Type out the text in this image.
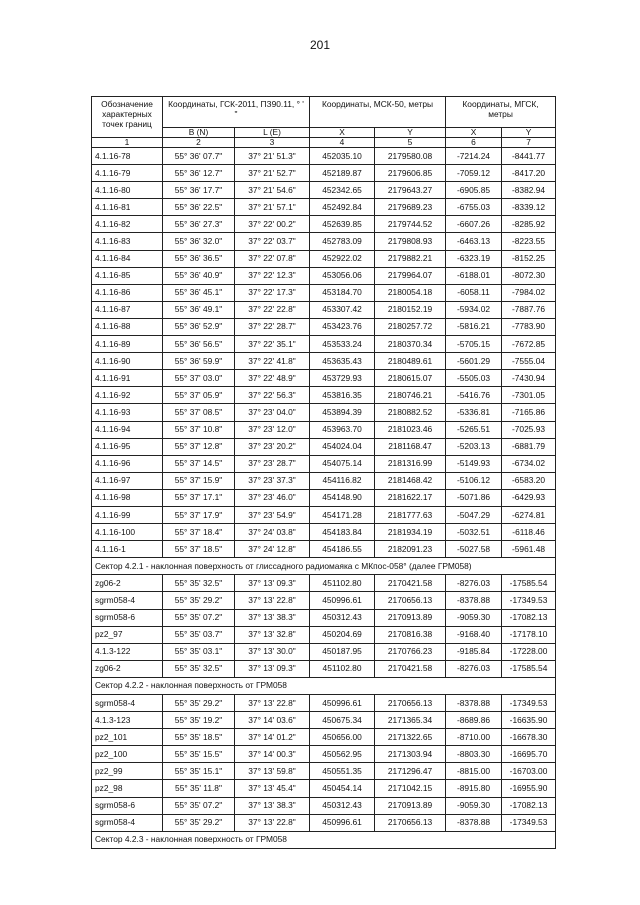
201
Обозначение характерных точек границ	Координаты, ГСК-2011, ПЗ90.11, ° ' "		Координаты, МСК-50, метры		Координаты, МГСК, метры	
	B (N)	L (E)	X	Y	X	Y
1	2	3	4	5	6	7
4.1.16-78	55° 36' 07.7"	37° 21' 51.3"	452035.10	2179580.08	-7214.24	-8441.77
4.1.16-79	55° 36' 12.7"	37° 21' 52.7"	452189.87	2179606.85	-7059.12	-8417.20
4.1.16-80	55° 36' 17.7"	37° 21' 54.6"	452342.65	2179643.27	-6905.85	-8382.94
4.1.16-81	55° 36' 22.5"	37° 21' 57.1"	452492.84	2179689.23	-6755.03	-8339.12
4.1.16-82	55° 36' 27.3"	37° 22' 00.2"	452639.85	2179744.52	-6607.26	-8285.92
4.1.16-83	55° 36' 32.0"	37° 22' 03.7"	452783.09	2179808.93	-6463.13	-8223.55
4.1.16-84	55° 36' 36.5"	37° 22' 07.8"	452922.02	2179882.21	-6323.19	-8152.25
4.1.16-85	55° 36' 40.9"	37° 22' 12.3"	453056.06	2179964.07	-6188.01	-8072.30
4.1.16-86	55° 36' 45.1"	37° 22' 17.3"	453184.70	2180054.18	-6058.11	-7984.02
4.1.16-87	55° 36' 49.1"	37° 22' 22.8"	453307.42	2180152.19	-5934.02	-7887.76
4.1.16-88	55° 36' 52.9"	37° 22' 28.7"	453423.76	2180257.72	-5816.21	-7783.90
4.1.16-89	55° 36' 56.5"	37° 22' 35.1"	453533.24	2180370.34	-5705.15	-7672.85
4.1.16-90	55° 36' 59.9"	37° 22' 41.8"	453635.43	2180489.61	-5601.29	-7555.04
4.1.16-91	55° 37' 03.0"	37° 22' 48.9"	453729.93	2180615.07	-5505.03	-7430.94
4.1.16-92	55° 37' 05.9"	37° 22' 56.3"	453816.35	2180746.21	-5416.76	-7301.05
4.1.16-93	55° 37' 08.5"	37° 23' 04.0"	453894.39	2180882.52	-5336.81	-7165.86
4.1.16-94	55° 37' 10.8"	37° 23' 12.0"	453963.70	2181023.46	-5265.51	-7025.93
4.1.16-95	55° 37' 12.8"	37° 23' 20.2"	454024.04	2181168.47	-5203.13	-6881.79
4.1.16-96	55° 37' 14.5"	37° 23' 28.7"	454075.14	2181316.99	-5149.93	-6734.02
4.1.16-97	55° 37' 15.9"	37° 23' 37.3"	454116.82	2181468.42	-5106.12	-6583.20
4.1.16-98	55° 37' 17.1"	37° 23' 46.0"	454148.90	2181622.17	-5071.86	-6429.93
4.1.16-99	55° 37' 17.9"	37° 23' 54.9"	454171.28	2181777.63	-5047.29	-6274.81
4.1.16-100	55° 37' 18.4"	37° 24' 03.8"	454183.84	2181934.19	-5032.51	-6118.46
4.1.16-1	55° 37' 18.5"	37° 24' 12.8"	454186.55	2182091.23	-5027.58	-5961.48
Сектор 4.2.1 - наклонная поверхность от глиссадного радиомаяка с МКпос-058° (далее ГРМ058)						
zg06-2	55° 35' 32.5"	37° 13' 09.3"	451102.80	2170421.58	-8276.03	-17585.54
sgrm058-4	55° 35' 29.2"	37° 13' 22.8"	450996.61	2170656.13	-8378.88	-17349.53
sgrm058-6	55° 35' 07.2"	37° 13' 38.3"	450312.43	2170913.89	-9059.30	-17082.13
pz2_97	55° 35' 03.7"	37° 13' 32.8"	450204.69	2170816.38	-9168.40	-17178.10
4.1.3-122	55° 35' 03.1"	37° 13' 30.0"	450187.95	2170766.23	-9185.84	-17228.00
zg06-2	55° 35' 32.5"	37° 13' 09.3"	451102.80	2170421.58	-8276.03	-17585.54
Сектор 4.2.2 - наклонная поверхность от ГРМ058						
sgrm058-4	55° 35' 29.2"	37° 13' 22.8"	450996.61	2170656.13	-8378.88	-17349.53
4.1.3-123	55° 35' 19.2"	37° 14' 03.6"	450675.34	2171365.34	-8689.86	-16635.90
pz2_101	55° 35' 18.5"	37° 14' 01.2"	450656.00	2171322.65	-8710.00	-16678.30
pz2_100	55° 35' 15.5"	37° 14' 00.3"	450562.95	2171303.94	-8803.30	-16695.70
pz2_99	55° 35' 15.1"	37° 13' 59.8"	450551.35	2171296.47	-8815.00	-16703.00
pz2_98	55° 35' 11.8"	37° 13' 45.4"	450454.14	2171042.15	-8915.80	-16955.90
sgrm058-6	55° 35' 07.2"	37° 13' 38.3"	450312.43	2170913.89	-9059.30	-17082.13
sgrm058-4	55° 35' 29.2"	37° 13' 22.8"	450996.61	2170656.13	-8378.88	-17349.53
Сектор 4.2.3 - наклонная поверхность от ГРМ058						
